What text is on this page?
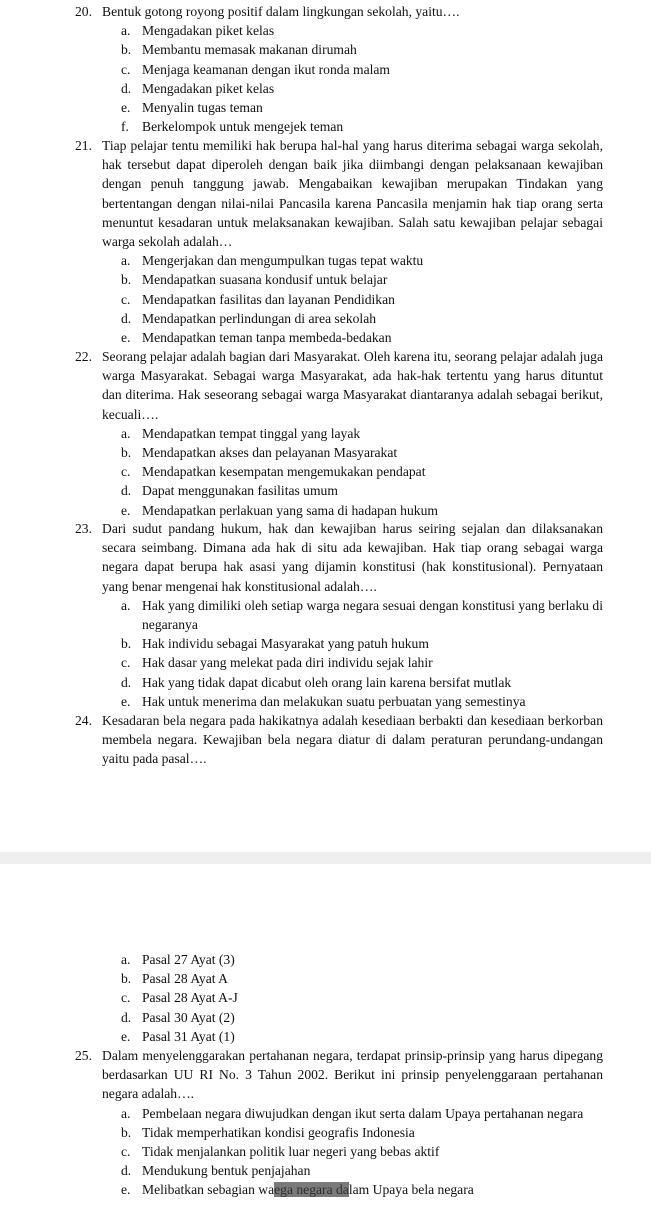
20. Bentuk gotong royong positif dalam lingkungan sekolah, yaitu….
a. Mengadakan piket kelas
b. Membantu memasak makanan dirumah
c. Menjaga keamanan dengan ikut ronda malam
d. Mengadakan piket kelas
e. Menyalin tugas teman
f. Berkelompok untuk mengejek teman
21. Tiap pelajar tentu memiliki hak berupa hal-hal yang harus diterima sebagai warga sekolah, hak tersebut dapat diperoleh dengan baik jika diimbangi dengan pelaksanaan kewajiban dengan penuh tanggung jawab. Mengabaikan kewajiban merupakan Tindakan yang bertentangan dengan nilai-nilai Pancasila karena Pancasila menjamin hak tiap orang serta menuntut kesadaran untuk melaksanakan kewajiban. Salah satu kewajiban pelajar sebagai warga sekolah adalah…
a. Mengerjakan dan mengumpulkan tugas tepat waktu
b. Mendapatkan suasana kondusif untuk belajar
c. Mendapatkan fasilitas dan layanan Pendidikan
d. Mendapatkan perlindungan di area sekolah
e. Mendapatkan teman tanpa membeda-bedakan
22. Seorang pelajar adalah bagian dari Masyarakat. Oleh karena itu, seorang pelajar adalah juga warga Masyarakat. Sebagai warga Masyarakat, ada hak-hak tertentu yang harus dituntut dan diterima. Hak seseorang sebagai warga Masyarakat diantaranya adalah sebagai berikut, kecuali….
a. Mendapatkan tempat tinggal yang layak
b. Mendapatkan akses dan pelayanan Masyarakat
c. Mendapatkan kesempatan mengemukakan pendapat
d. Dapat menggunakan fasilitas umum
e. Mendapatkan perlakuan yang sama di hadapan hukum
23. Dari sudut pandang hukum, hak dan kewajiban harus seiring sejalan dan dilaksanakan secara seimbang. Dimana ada hak di situ ada kewajiban. Hak tiap orang sebagai warga negara dapat berupa hak asasi yang dijamin konstitusi (hak konstitusional). Pernyataan yang benar mengenai hak konstitusional adalah….
a. Hak yang dimiliki oleh setiap warga negara sesuai dengan konstitusi yang berlaku di negaranya
b. Hak individu sebagai Masyarakat yang patuh hukum
c. Hak dasar yang melekat pada diri individu sejak lahir
d. Hak yang tidak dapat dicabut oleh orang lain karena bersifat mutlak
e. Hak untuk menerima dan melakukan suatu perbuatan yang semestinya
24. Kesadaran bela negara pada hakikatnya adalah kesediaan berbakti dan kesediaan berkorban membela negara. Kewajiban bela negara diatur di dalam peraturan perundang-undangan yaitu pada pasal….
a. Pasal 27 Ayat (3)
b. Pasal 28 Ayat A
c. Pasal 28 Ayat A-J
d. Pasal 30 Ayat (2)
e. Pasal 31 Ayat (1)
25. Dalam menyelenggarakan pertahanan negara, terdapat prinsip-prinsip yang harus dipegang berdasarkan UU RI No. 3 Tahun 2002. Berikut ini prinsip penyelenggaraan pertahanan negara adalah….
a. Pembelaan negara diwujudkan dengan ikut serta dalam Upaya pertahanan negara
b. Tidak memperhatikan kondisi geografis Indonesia
c. Tidak menjalankan politik luar negeri yang bebas aktif
d. Mendukung bentuk penjajahan
e. Melibatkan sebagian waega negara dalam Upaya bela negara
